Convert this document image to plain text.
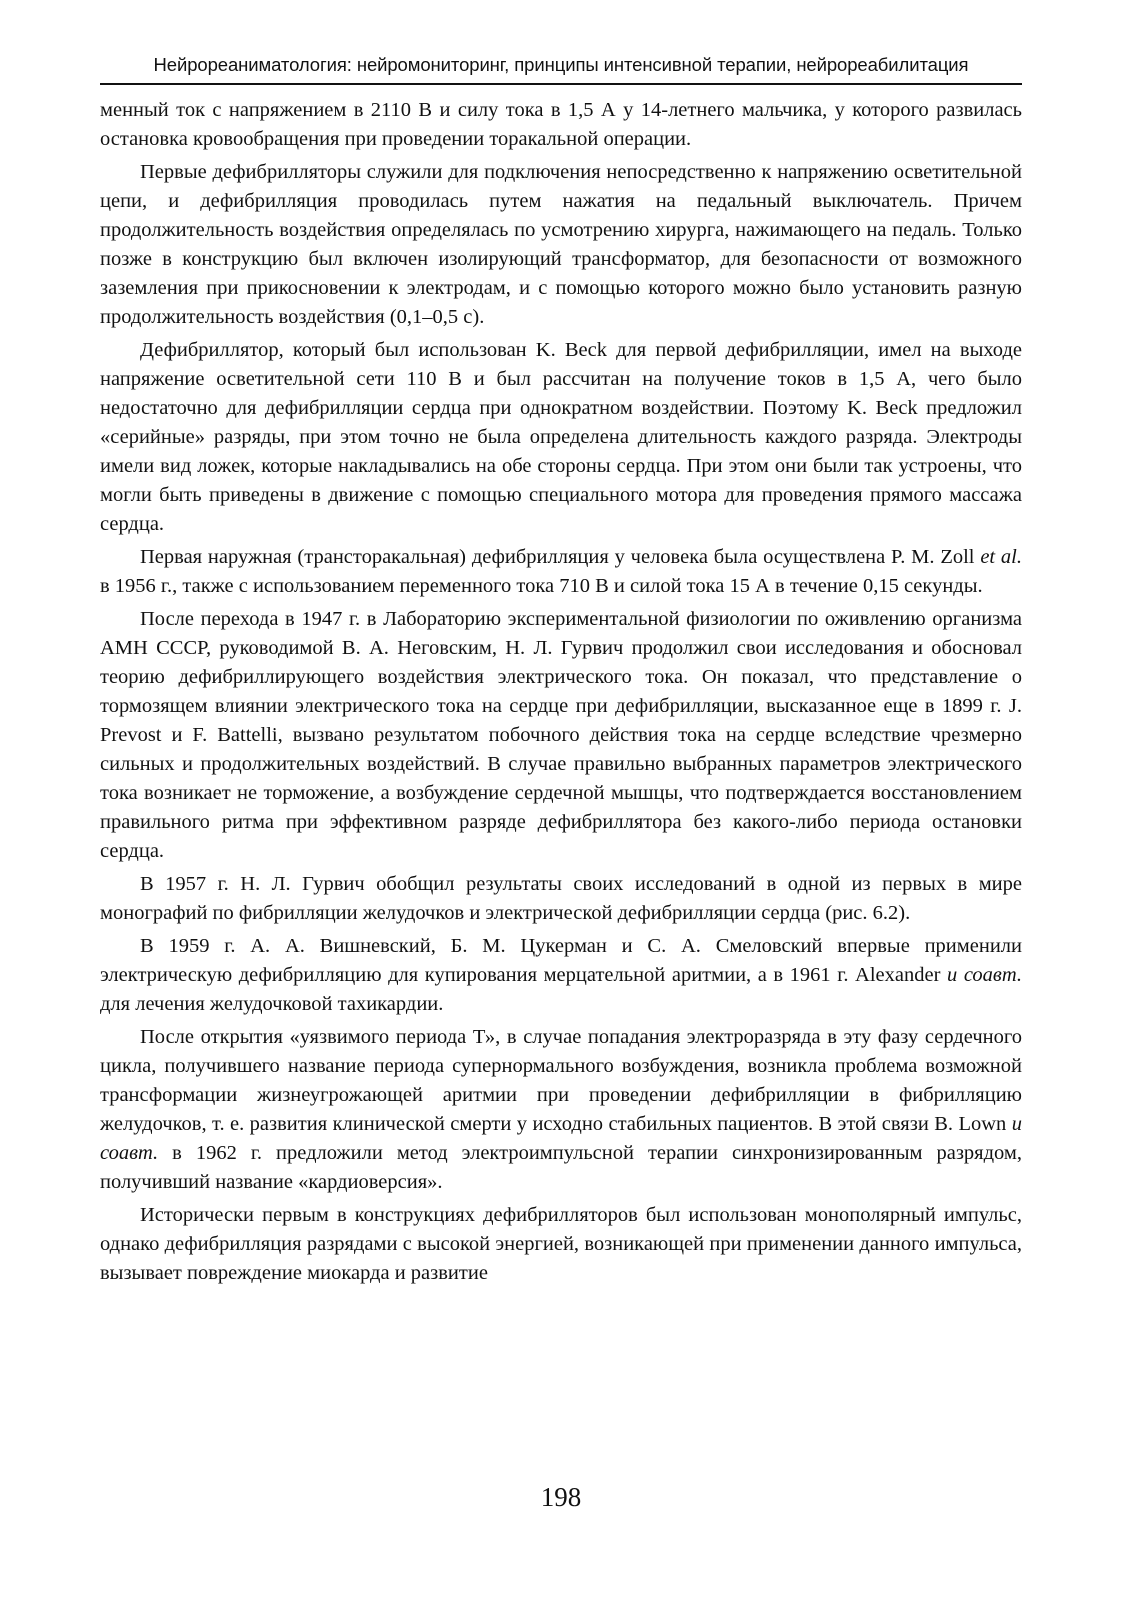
Нейрореаниматология: нейромониторинг, принципы интенсивной терапии, нейрореабилитация

менный ток с напряжением в 2110 В и силу тока в 1,5 А у 14-летнего мальчика, у которого развилась остановка кровообращения при проведении торакальной операции.

Первые дефибрилляторы служили для подключения непосредственно к напряжению осветительной цепи, и дефибрилляция проводилась путем нажатия на педальный выключатель. Причем продолжительность воздействия определялась по усмотрению хирурга, нажимающего на педаль. Только позже в конструкцию был включен изолирующий трансформатор, для безопасности от возможного заземления при прикосновении к электродам, и с помощью которого можно было установить разную продолжительность воздействия (0,1–0,5 с).

Дефибриллятор, который был использован K. Beck для первой дефибрилляции, имел на выходе напряжение осветительной сети 110 В и был рассчитан на получение токов в 1,5 А, чего было недостаточно для дефибрилляции сердца при однократном воздействии. Поэтому K. Beck предложил «серийные» разряды, при этом точно не была определена длительность каждого разряда. Электроды имели вид ложек, которые накладывались на обе стороны сердца. При этом они были так устроены, что могли быть приведены в движение с помощью специального мотора для проведения прямого массажа сердца.

Первая наружная (трансторакальная) дефибрилляция у человека была осуществлена P. M. Zoll et al. в 1956 г., также с использованием переменного тока 710 В и силой тока 15 А в течение 0,15 секунды.

После перехода в 1947 г. в Лабораторию экспериментальной физиологии по оживлению организма АМН СССР, руководимой В. А. Неговским, Н. Л. Гурвич продолжил свои исследования и обосновал теорию дефибриллирующего воздействия электрического тока. Он показал, что представление о тормозящем влиянии электрического тока на сердце при дефибрилляции, высказанное еще в 1899 г. J. Prevost и F. Battelli, вызвано результатом побочного действия тока на сердце вследствие чрезмерно сильных и продолжительных воздействий. В случае правильно выбранных параметров электрического тока возникает не торможение, а возбуждение сердечной мышцы, что подтверждается восстановлением правильного ритма при эффективном разряде дефибриллятора без какого-либо периода остановки сердца.

В 1957 г. Н. Л. Гурвич обобщил результаты своих исследований в одной из первых в мире монографий по фибрилляции желудочков и электрической дефибрилляции сердца (рис. 6.2).

В 1959 г. А. А. Вишневский, Б. М. Цукерман и С. А. Смеловский впервые применили электрическую дефибрилляцию для купирования мерцательной аритмии, а в 1961 г. Alexander и соавт. для лечения желудочковой тахикардии.

После открытия «уязвимого периода Т», в случае попадания электроразряда в эту фазу сердечного цикла, получившего название периода супернормального возбуждения, возникла проблема возможной трансформации жизнеугрожающей аритмии при проведении дефибрилляции в фибрилляцию желудочков, т. е. развития клинической смерти у исходно стабильных пациентов. В этой связи B. Lown и соавт. в 1962 г. предложили метод электроимпульсной терапии синхронизированным разрядом, получивший название «кардиоверсия».

Исторически первым в конструкциях дефибрилляторов был использован монополярный импульс, однако дефибрилляция разрядами с высокой энергией, возникающей при применении данного импульса, вызывает повреждение миокарда и развитие

198
